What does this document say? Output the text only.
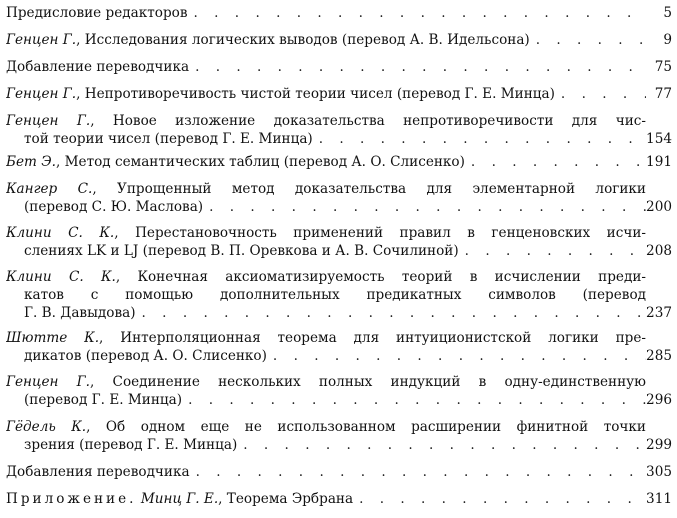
Предисловие редакторов . . .	5
Генцен Г., Исследования логических выводов (перевод А. В. Идельсона) . . .	9
Добавление переводчика . . .	75
Генцен Г., Непротиворечивость чистой теории чисел (перевод Г. Е. Минца) . . .	77
Генцен Г., Новое изложение доказательства непротиворечивости для чис-
той теории чисел (перевод Г. Е. Минца) . . .	154
Бет Э., Метод семантических таблиц (перевод А. О. Слисенко) . . .	191
Кангер С., Упрощенный метод доказательства для элементарной логики
(перевод С. Ю. Маслова) . . .	200
Клини С. К., Перестановочность применений правил в генценовских исчи-
слениях LK и LJ (перевод В. П. Оревкова и А. В. Сочилиной) . . .	208
Клини С. К., Конечная аксиоматизируемость теорий в исчислении преди-
катов с помощью дополнительных предикатных символов (перевод
Г. В. Давыдова) . . .	237
Шютте К., Интерполяционная теорема для интуиционистской логики пре-
дикатов (перевод А. О. Слисенко) . . .	285
Генцен Г., Соединение нескольких полных индукций в одну-единственную
(перевод Г. Е. Минца) . . .	296
Гёдель К., Об одном еще не использованном расширении финитной точки
зрения (перевод Г. Е. Минца) . . .	299
Добавления переводчика . . .	305
Приложение. Минц Г. Е., Теорема Эрбрана . . .	311
